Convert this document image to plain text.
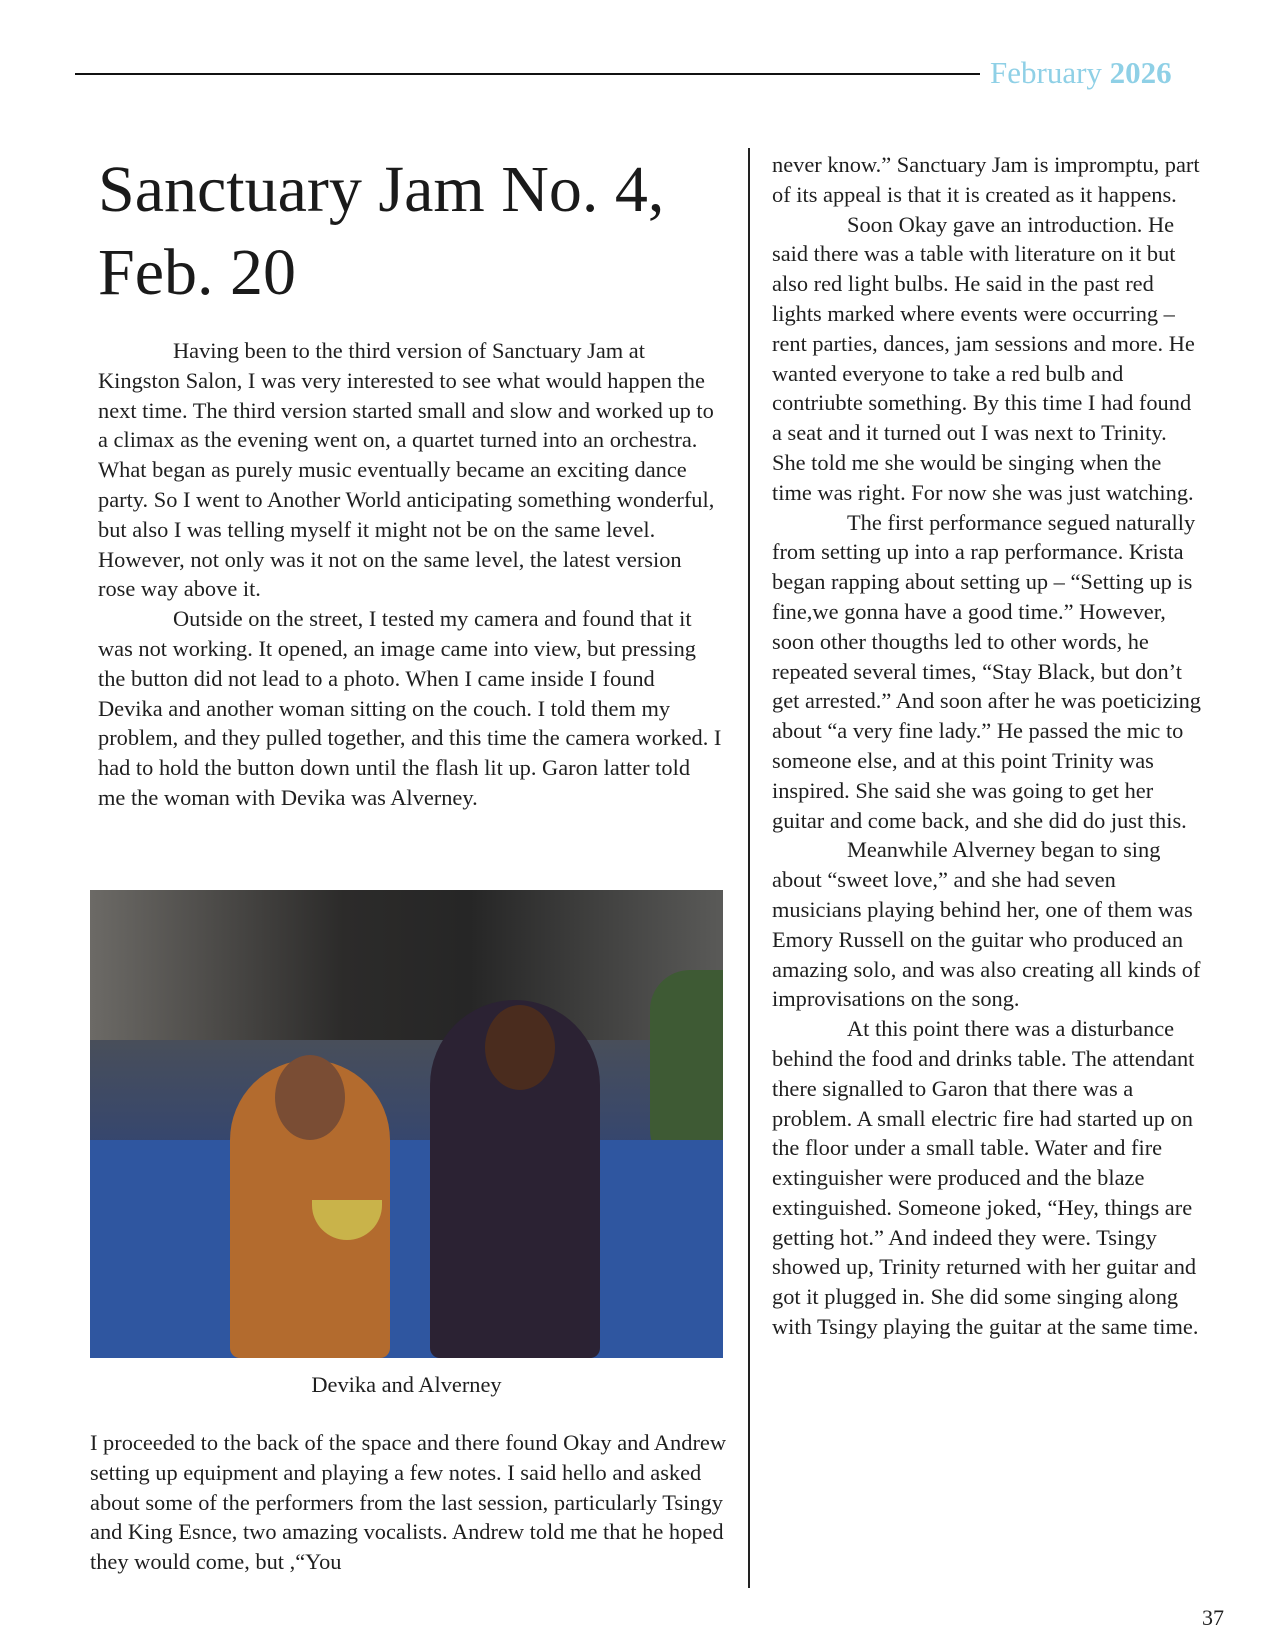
February 2026
Sanctuary Jam No. 4,
Feb. 20

Having been to the third version of Sanctuary Jam at Kingston Salon, I was very interested to see what would happen the next time. The third version started small and slow and worked up to a climax as the evening went on, a quartet turned into an orchestra. What began as purely music eventually became an exciting dance party. So I went to Another World anticipating something wonderful, but also I was telling myself it might not be on the same level. However, not only was it not on the same level, the latest version rose way above it.

Outside on the street, I tested my camera and found that it was not working. It opened, an image came into view, but pressing the button did not lead to a photo. When I came inside I found Devika and another woman sitting on the couch. I told them my problem, and they pulled together, and this time the camera worked. I had to hold the button down until the flash lit up. Garon latter told me the woman with Devika was Alverney.

Devika and Alverney

I proceeded to the back of the space and there found Okay and Andrew setting up equipment and playing a few notes. I said hello and asked about some of the performers from the last session, particularly Tsingy and King Esnce, two amazing vocalists. Andrew told me that he hoped they would come, but ,“You

never know.” Sanctuary Jam is impromptu, part of its appeal is that it is created as it happens.

Soon Okay gave an introduction. He said there was a table with literature on it but also red light bulbs. He said in the past red lights marked where events were occurring – rent parties, dances, jam sessions and more. He wanted everyone to take a red bulb and contriubte something. By this time I had found a seat and it turned out I was next to Trinity. She told me she would be singing when the time was right. For now she was just watching.

The first performance segued naturally from setting up into a rap performance. Krista began rapping about setting up – “Setting up is fine,we gonna have a good time.” However, soon other thougths led to other words, he repeated several times, “Stay Black, but don’t get arrested.” And soon after he was poeticizing about “a very fine lady.” He passed the mic to someone else, and at this point Trinity was inspired. She said she was going to get her guitar and come back, and she did do just this.

Meanwhile Alverney began to sing about “sweet love,” and she had seven musicians playing behind her, one of them was Emory Russell on the guitar who produced an amazing solo, and was also creating all kinds of improvisations on the song.

At this point there was a disturbance behind the food and drinks table. The attendant there signalled to Garon that there was a problem. A small electric fire had started up on the floor under a small table. Water and fire extinguisher were produced and the blaze extinguished. Someone joked, “Hey, things are getting hot.” And indeed they were. Tsingy showed up, Trinity returned with her guitar and got it plugged in. She did some singing along with Tsingy playing the guitar at the same time.

37
